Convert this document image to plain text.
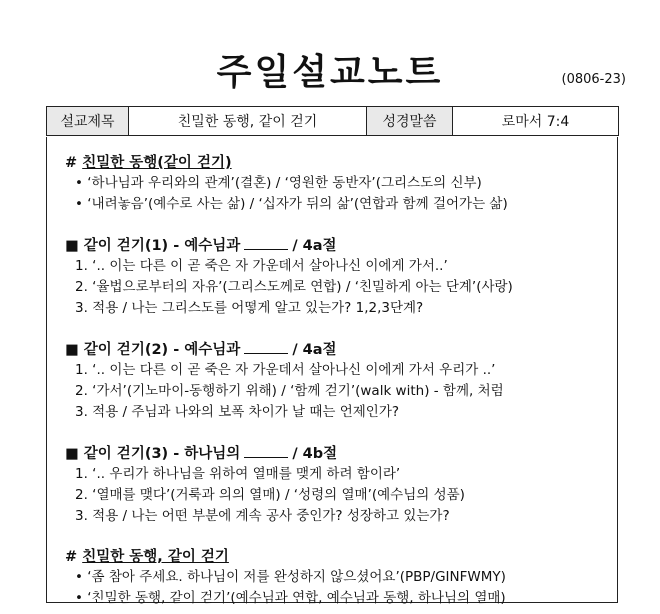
주일설교노트	(0806-23)
설교제목	친밀한 동행, 같이 걷기	성경말씀	로마서 7:4
# 친밀한 동행(같이 걷기)
• ‘하나님과 우리와의 관계’(결혼) / ‘영원한 동반자’(그리스도의 신부)
• ‘내려놓음’(예수로 사는 삶) / ‘십자가 뒤의 삶’(연합과 함께 걸어가는 삶)
■ 같이 걷기(1) - 예수님과	/ 4a절
1. ‘.. 이는 다른 이 곧 죽은 자 가운데서 살아나신 이에게 가서..’
2. ‘율법으로부터의 자유’(그리스도께로 연합) / ‘친밀하게 아는 단계’(사랑)
3. 적용 / 나는 그리스도를 어떻게 알고 있는가? 1,2,3단계?
■ 같이 걷기(2) - 예수님과	/ 4a절
1. ‘.. 이는 다른 이 곧 죽은 자 가운데서 살아나신 이에게 가서 우리가 ..’
2. ‘가서’(기노마이-동행하기 위해) / ‘함께 걷기’(walk with) - 함께, 처럼
3. 적용 / 주님과 나와의 보폭 차이가 날 때는 언제인가?
■ 같이 걷기(3) - 하나님의	/ 4b절
1. ‘.. 우리가 하나님을 위하여 열매를 맺게 하려 함이라’
2. ‘열매를 맺다’(거룩과 의의 열매) / ‘성령의 열매’(예수님의 성품)
3. 적용 / 나는 어떤 부분에 계속 공사 중인가? 성장하고 있는가?
# 친밀한 동행, 같이 걷기
• ‘좀 참아 주세요. 하나님이 저를 완성하지 않으셨어요’(PBP/GINFWMY)
• ‘친밀한 동행, 같이 걷기’(예수님과 연합, 예수님과 동행, 하나님의 열매)
